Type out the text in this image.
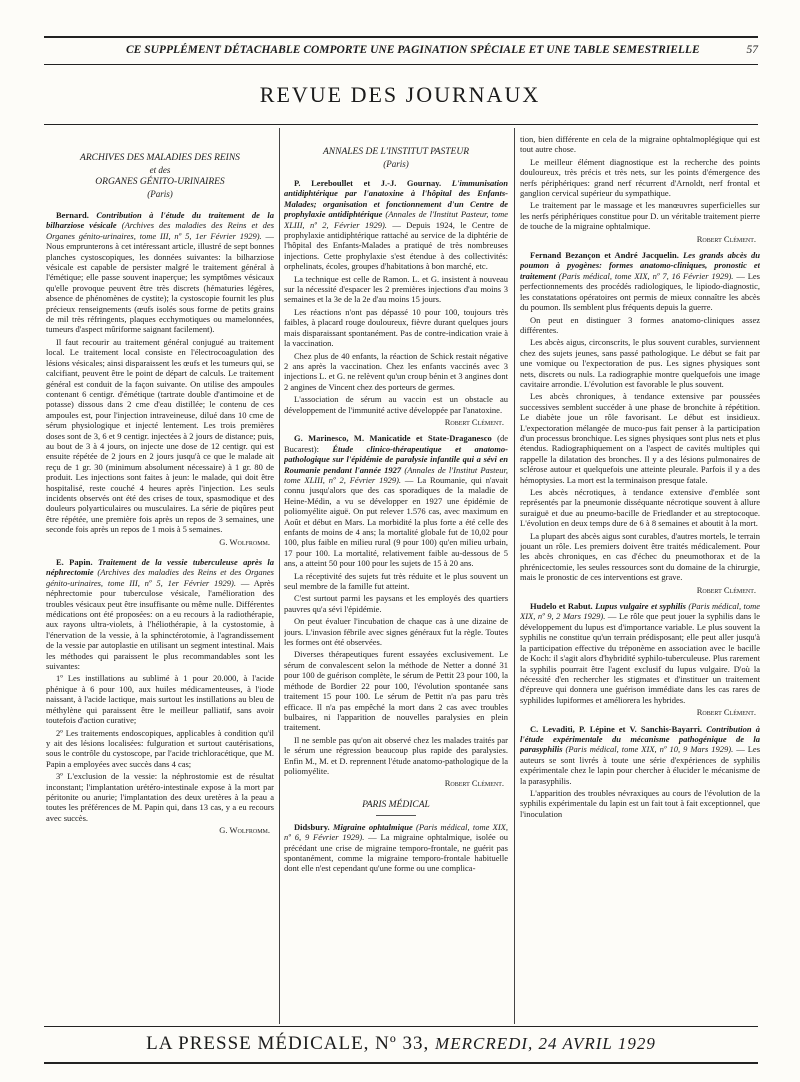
CE SUPPLÉMENT DÉTACHABLE COMPORTE UNE PAGINATION SPÉCIALE ET UNE TABLE SEMESTRIELLE	57
REVUE DES JOURNAUX
ARCHIVES DES MALADIES DES REINS
et des
ORGANES GÉNITO-URINAIRES
(Paris)

Bernard. Contribution à l'étude du traitement de la bilharziose vésicale (Archives des maladies des Reins et des Organes génito-urinaires, tome III, nº 5, 1er Février 1929). — Nous emprunterons à cet intéressant article, illustré de sept bonnes planches cystoscopiques, les données suivantes: la bilharziose vésicale est capable de persister malgré le traitement général à l'émétique; elle passe souvent inaperçue; les symptômes vésicaux qu'elle provoque peuvent être très discrets (hématuries légères, absence de phénomènes de cystite); la cystoscopie fournit les plus précieux renseignements (œufs isolés sous forme de petits grains de mil très réfringents, plaques ecchymotiques ou mamelonnées, tumeurs d'aspect mûriforme saignant facilement).

Il faut recourir au traitement général conjugué au traitement local. Le traitement local consiste en l'électrocoagulation des lésions vésicales; ainsi disparaissent les œufs et les tumeurs qui, se calcifiant, peuvent être le point de départ de calculs. Le traitement général est conduit de la façon suivante. On utilise des ampoules contenant 6 centigr. d'émétique (tartrate double d'antimoine et de potasse) dissous dans 2 cme d'eau distillée; le contenu de ces ampoules est, pour l'injection intraveineuse, dilué dans 10 cme de sérum physiologique et injecté lentement. Les trois premières doses sont de 3, 6 et 9 centigr. injectées à 2 jours de distance; puis, au bout de 3 à 4 jours, on injecte une dose de 12 centigr. qui est ensuite répétée de 2 jours en 2 jours jusqu'à ce que le malade ait reçu de 1 gr. 30 (minimum absolument nécessaire) à 1 gr. 80 de produit. Les injections sont faites à jeun: le malade, qui doit être hospitalisé, reste couché 4 heures après l'injection. Les seuls incidents observés ont été des crises de toux, spasmodique et des douleurs polyarticulaires ou musculaires. La série de piqûres peut être répétée, une première fois après un repos de 3 semaines, une seconde fois après un repos de 1 mois à 5 semaines.

G. Wolfromm.

E. Papin. Traitement de la vessie tuberculeuse après la néphrectomie (Archives des maladies des Reins et des Organes génito-urinaires, tome III, nº 5, 1er Février 1929). — Après néphrectomie pour tuberculose vésicale, l'amélioration des troubles vésicaux peut être insuffisante ou même nulle. Différentes médications ont été proposées: on a eu recours à la radiothérapie, aux rayons ultra-violets, à l'héliothérapie, à la cystostomie, à l'énervation de la vessie, à la sphinctérotomie, à l'agrandissement de la vessie par autoplastie en utilisant un segment intestinal. Mais les méthodes qui paraissent le plus recommandables sont les suivantes:

1º Les instillations au sublimé à 1 pour 20.000, à l'acide phénique à 6 pour 100, aux huiles médicamenteuses, à l'iode naissant, à l'acide lactique, mais surtout les instillations au bleu de méthylène qui paraissent être le meilleur palliatif, sans avoir toutefois d'action curative;

2º Les traitements endoscopiques, applicables à condition qu'il y ait des lésions localisées: fulguration et surtout cautérisations, sous le contrôle du cystoscope, par l'acide trichloracétique, que M. Papin a employées avec succès dans 4 cas;

3º L'exclusion de la vessie: la néphrostomie est de résultat inconstant; l'implantation urétéro-intestinale expose à la mort par péritonite ou anurie; l'implantation des deux uretères à la peau a toutes les préférences de M. Papin qui, dans 13 cas, y a eu recours avec succès.

G. Wolfromm.
ANNALES DE L'INSTITUT PASTEUR
(Paris)

P. Lereboullet et J.-J. Gournay. L'immunisation antidiphtérique par l'anatoxine à l'hôpital des Enfants-Malades; organisation et fonctionnement d'un Centre de prophylaxie antidiphtérique (Annales de l'Institut Pasteur, tome XLIII, nº 2, Février 1929). — Depuis 1924, le Centre de prophylaxie antidiphtérique rattaché au service de la diphtérie de l'hôpital des Enfants-Malades a pratiqué de très nombreuses injections. Cette prophylaxie s'est étendue à des collectivités: orphelinats, écoles, groupes d'habitations à bon marché, etc.

La technique est celle de Ramon. L. et G. insistent à nouveau sur la nécessité d'espacer les 2 premières injections d'au moins 3 semaines et la 3e de la 2e d'au moins 15 jours.

Les réactions n'ont pas dépassé 10 pour 100, toujours très faibles, à placard rouge douloureux, fièvre durant quelques jours mais disparaissant spontanément. Pas de contre-indication vraie à la vaccination.

Chez plus de 40 enfants, la réaction de Schick restait négative 2 ans après la vaccination. Chez les enfants vaccinés avec 3 injections L. et G. ne relèvent qu'un croup bénin et 3 angines dont 2 angines de Vincent chez des porteurs de germes.

L'association de sérum au vaccin est un obstacle au développement de l'immunité active développée par l'anatoxine.

Robert Clément.

G. Marinesco, M. Manicatide et State-Draganesco (de Bucarest): Étude clinico-thérapeutique et anatomo-pathologique sur l'épidémie de paralysie infantile qui a sévi en Roumanie pendant l'année 1927 (Annales de l'Institut Pasteur, tome XLIII, nº 2, Février 1929). — La Roumanie, qui n'avait connu jusqu'alors que des cas sporadiques de la maladie de Heine-Médin, a vu se développer en 1927 une épidémie de poliomyélite aiguë. On put relever 1.576 cas, avec maximum en Août et début en Mars. La morbidité la plus forte a été celle des enfants de moins de 4 ans; la mortalité globale fut de 10,02 pour 100, plus faible en milieu rural (9 pour 100) qu'en milieu urbain, 17 pour 100. La mortalité, relativement faible au-dessous de 5 ans, a atteint 50 pour 100 pour les sujets de 15 à 20 ans.

La réceptivité des sujets fut très réduite et le plus souvent un seul membre de la famille fut atteint.

C'est surtout parmi les paysans et les employés des quartiers pauvres qu'a sévi l'épidémie.

On peut évaluer l'incubation de chaque cas à une dizaine de jours. L'invasion fébrile avec signes généraux fut la règle. Toutes les formes ont été observées.

Diverses thérapeutiques furent essayées exclusivement. Le sérum de convalescent selon la méthode de Netter a donné 31 pour 100 de guérison complète, le sérum de Pettit 23 pour 100, la méthode de Bordier 22 pour 100, l'évolution spontanée sans traitement 15 pour 100. Le sérum de Pettit n'a pas paru très efficace. Il n'a pas empêché la mort dans 2 cas avec troubles bulbaires, ni l'apparition de nouvelles paralysies en plein traitement.

Il ne semble pas qu'on ait observé chez les malades traités par le sérum une régression beaucoup plus rapide des paralysies. Enfin M., M. et D. reprennent l'étude anatomo-pathologique de la poliomyélite.

Robert Clément.
PARIS MÉDICAL

Didsbury. Migraine ophtalmique (Paris médical, tome XIX, nº 6, 9 Février 1929). — La migraine ophtalmique, isolée ou précédant une crise de migraine temporo-frontale, ne guérit pas spontanément, comme la migraine temporo-frontale habituelle dont elle n'est cependant qu'une forme ou une complica-

tion, bien différente en cela de la migraine ophtalmoplégique qui est tout autre chose.

Le meilleur élément diagnostique est la recherche des points douloureux, très précis et très nets, sur les points d'émergence des nerfs périphériques: grand nerf récurrent d'Arnoldt, nerf frontal et ganglion cervical supérieur du sympathique.

Le traitement par le massage et les manœuvres superficielles sur les nerfs périphériques constitue pour D. un véritable traitement pierre de touche de la migraine ophtalmique.

Robert Clément.

Fernand Bezançon et André Jacquelin. Les grands abcès du poumon à pyogènes: formes anatomo-cliniques, pronostic et traitement (Paris médical, tome XIX, nº 7, 16 Février 1929). — Les perfectionnements des procédés radiologiques, le lipiodo-diagnostic, les constatations opératoires ont permis de mieux connaître les abcès du poumon. Ils semblent plus fréquents depuis la guerre.

On peut en distinguer 3 formes anatomo-cliniques assez différentes.

Les abcès aigus, circonscrits, le plus souvent curables, surviennent chez des sujets jeunes, sans passé pathologique. Le début se fait par une vomique ou l'expectoration de pus. Les signes physiques sont nets, discrets ou nuls. La radiographie montre quelquefois une image cavitaire arrondie. L'évolution est favorable le plus souvent.

Les abcès chroniques, à tendance extensive par poussées successives semblent succéder à une phase de bronchite à répétition. Le diabète joue un rôle favorisant. Le début est insidieux. L'expectoration mélangée de muco-pus fait penser à la participation d'un processus bronchique. Les signes physiques sont plus nets et plus étendus. Radiographiquement on a l'aspect de cavités multiples qui rappelle la dilatation des bronches. Il y a des lésions pulmonaires de sclérose autour et quelquefois une atteinte pleurale. Parfois il y a des hémoptysies. La mort est la terminaison presque fatale.

Les abcès nécrotiques, à tendance extensive d'emblée sont représentés par la pneumonie disséquante nécrotique souvent à allure suraiguë et due au pneumo-bacille de Friedlander et au streptocoque. L'évolution en deux temps dure de 6 à 8 semaines et aboutit à la mort.

La plupart des abcès aigus sont curables, d'autres mortels, le terrain jouant un rôle. Les premiers doivent être traités médicalement. Pour les abcès chroniques, en cas d'échec du pneumothorax et de la phrénicectomie, les seules ressources sont du domaine de la chirurgie, mais le pronostic de ces interventions est grave.

Robert Clément.

Hudelo et Rabut. Lupus vulgaire et syphilis (Paris médical, tome XIX, nº 9, 2 Mars 1929). — Le rôle que peut jouer la syphilis dans le développement du lupus est d'importance variable. Le plus souvent la syphilis ne constitue qu'un terrain prédisposant; elle peut aller jusqu'à la participation effective du tréponème en association avec le bacille de Koch: il s'agit alors d'hybridité syphilo-tuberculeuse. Plus rarement la syphilis pourrait être l'agent exclusif du lupus vulgaire. D'où la nécessité d'en rechercher les stigmates et d'instituer un traitement d'épreuve qui donnera une guérison immédiate dans les cas rares de syphilides lupiformes et améliorera les hybrides.

Robert Clément.

C. Levaditi, P. Lépine et V. Sanchis-Bayarri. Contribution à l'étude expérimentale du mécanisme pathogénique de la parasyphilis (Paris médical, tome XIX, nº 10, 9 Mars 1929). — Les auteurs se sont livrés à toute une série d'expériences de syphilis expérimentale chez le lapin pour chercher à élucider le mécanisme de la parasyphilis.

L'apparition des troubles névraxiques au cours de l'évolution de la syphilis expérimentale du lapin est un fait tout à fait exceptionnel, que l'inoculation

LA PRESSE MÉDICALE, Nº 33, MERCREDI, 24 AVRIL 1929
